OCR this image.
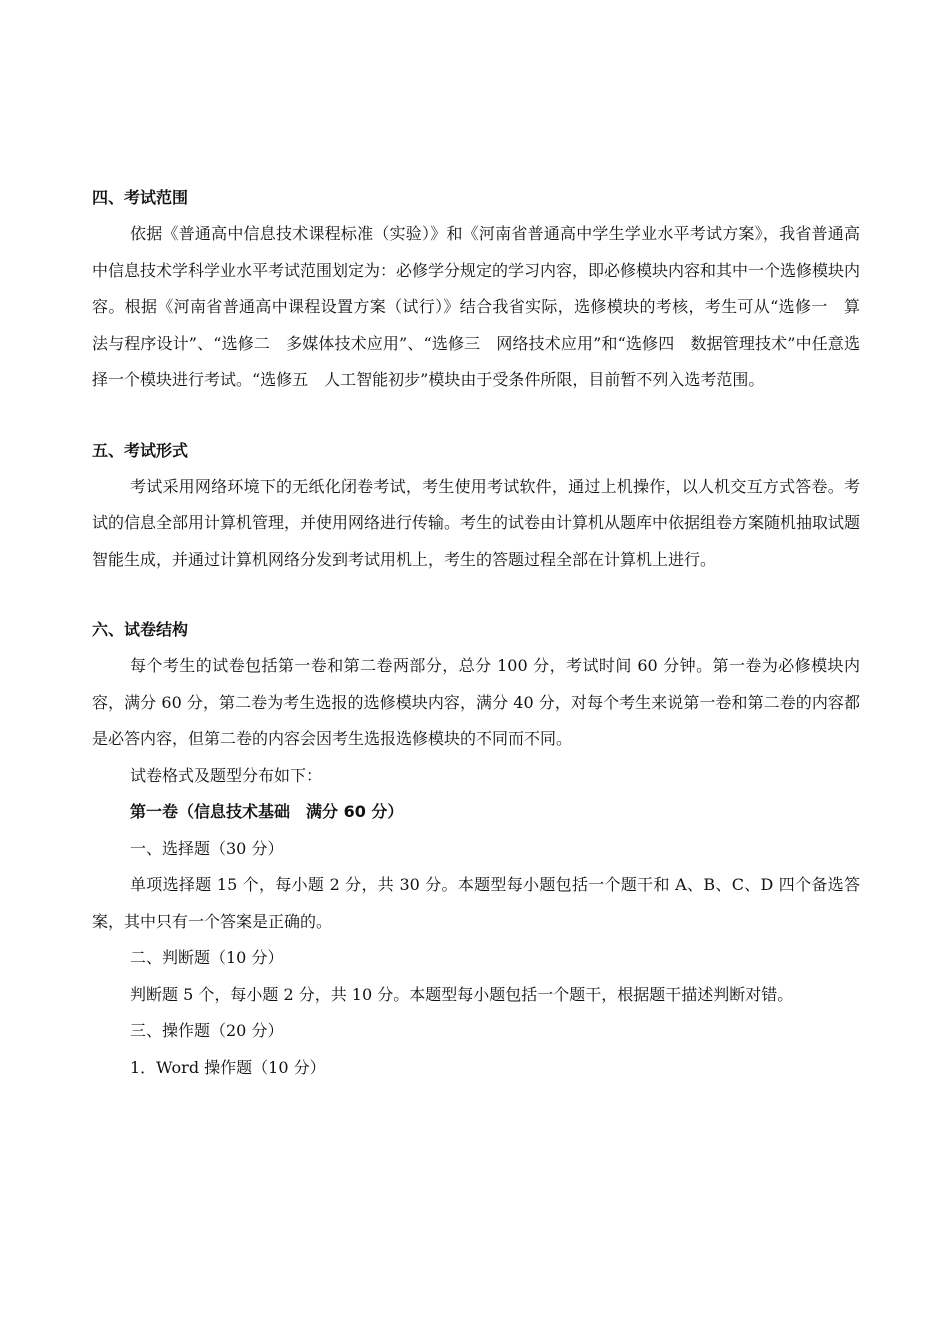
四、考试范围

依据《普通高中信息技术课程标准（实验）》和《河南省普通高中学生学业水平考试方案》，我省普通高中信息技术学科学业水平考试范围划定为：必修学分规定的学习内容，即必修模块内容和其中一个选修模块内容。根据《河南省普通高中课程设置方案（试行）》结合我省实际，选修模块的考核，考生可从“选修一　算法与程序设计”、“选修二　多媒体技术应用”、“选修三　网络技术应用”和“选修四　数据管理技术”中任意选择一个模块进行考试。“选修五　人工智能初步”模块由于受条件所限，目前暂不列入选考范围。

五、考试形式

考试采用网络环境下的无纸化闭卷考试，考生使用考试软件，通过上机操作，以人机交互方式答卷。考试的信息全部用计算机管理，并使用网络进行传输。考生的试卷由计算机从题库中依据组卷方案随机抽取试题智能生成，并通过计算机网络分发到考试用机上，考生的答题过程全部在计算机上进行。

六、试卷结构

每个考生的试卷包括第一卷和第二卷两部分，总分 100 分，考试时间 60 分钟。第一卷为必修模块内容，满分 60 分，第二卷为考生选报的选修模块内容，满分 40 分，对每个考生来说第一卷和第二卷的内容都是必答内容，但第二卷的内容会因考生选报选修模块的不同而不同。

试卷格式及题型分布如下：

第一卷（信息技术基础　满分 60 分）

一、选择题（30 分）

单项选择题 15 个，每小题 2 分，共 30 分。本题型每小题包括一个题干和 A、B、C、D 四个备选答案，其中只有一个答案是正确的。

二、判断题（10 分）

判断题 5 个，每小题 2 分，共 10 分。本题型每小题包括一个题干，根据题干描述判断对错。

三、操作题（20 分）

1．Word 操作题（10 分）
